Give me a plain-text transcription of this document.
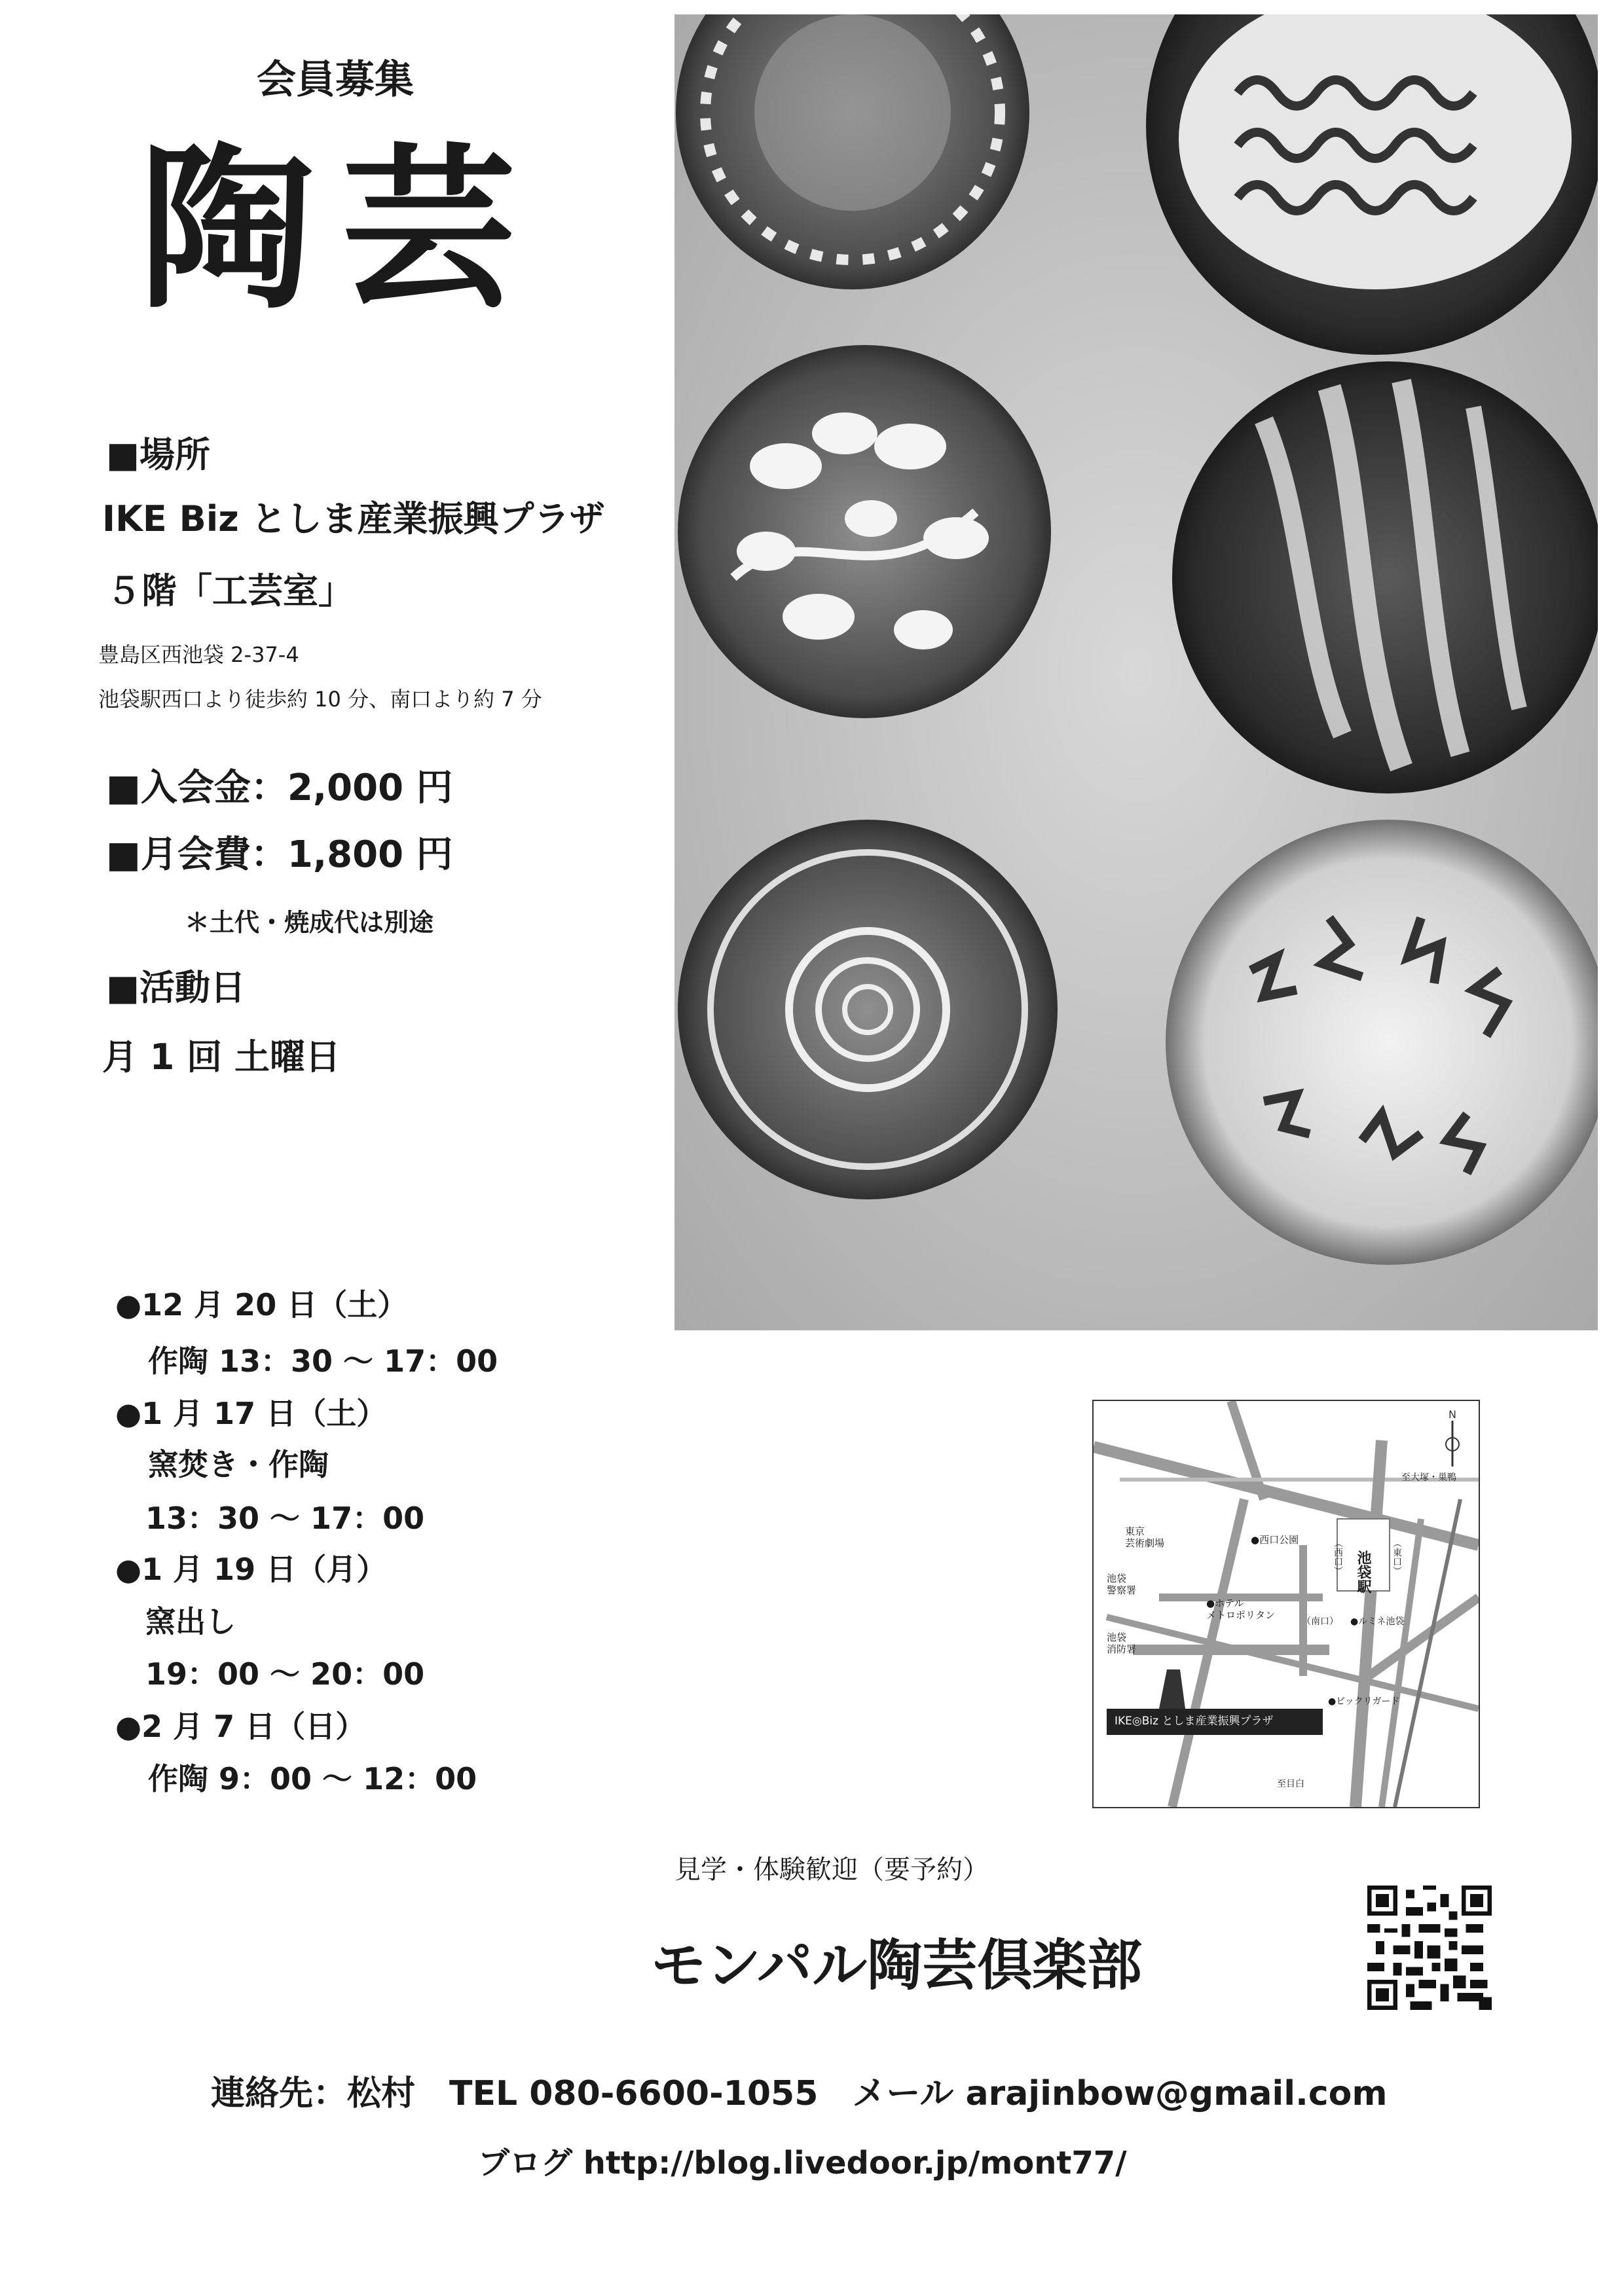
会員募集
陶芸
■場所
IKE Biz としま産業振興プラザ
５階「工芸室」
豊島区西池袋 2-37-4
池袋駅西口より徒歩約 10 分、南口より約 7 分
■入会金：2,000 円
■月会費：1,800 円
＊土代・焼成代は別途
■活動日
月 1 回 土曜日
●12 月 20 日（土）
作陶 13：30 ～ 17：00
●1 月 17 日（土）
窯焚き・作陶
13：30 ～ 17：00
●1 月 19 日（月）
窯出し
19：00 ～ 20：00
●2 月 7 日（日）
作陶 9：00 ～ 12：00
N
至大塚・巣鴨
東京
芸術劇場	●西口公園	（西口） 池袋駅 （東口）
池袋
警察署
●ホテル
メトロポリタン
（南口） ●ルミネ池袋
池袋
消防署
●ビックリガード
IKE◎Biz としま産業振興プラザ
至目白
見学・体験歓迎（要予約）
モンパル陶芸倶楽部
連絡先：松村　TEL 080-6600-1055　メール arajinbow@gmail.com
ブログ http://blog.livedoor.jp/mont77/
